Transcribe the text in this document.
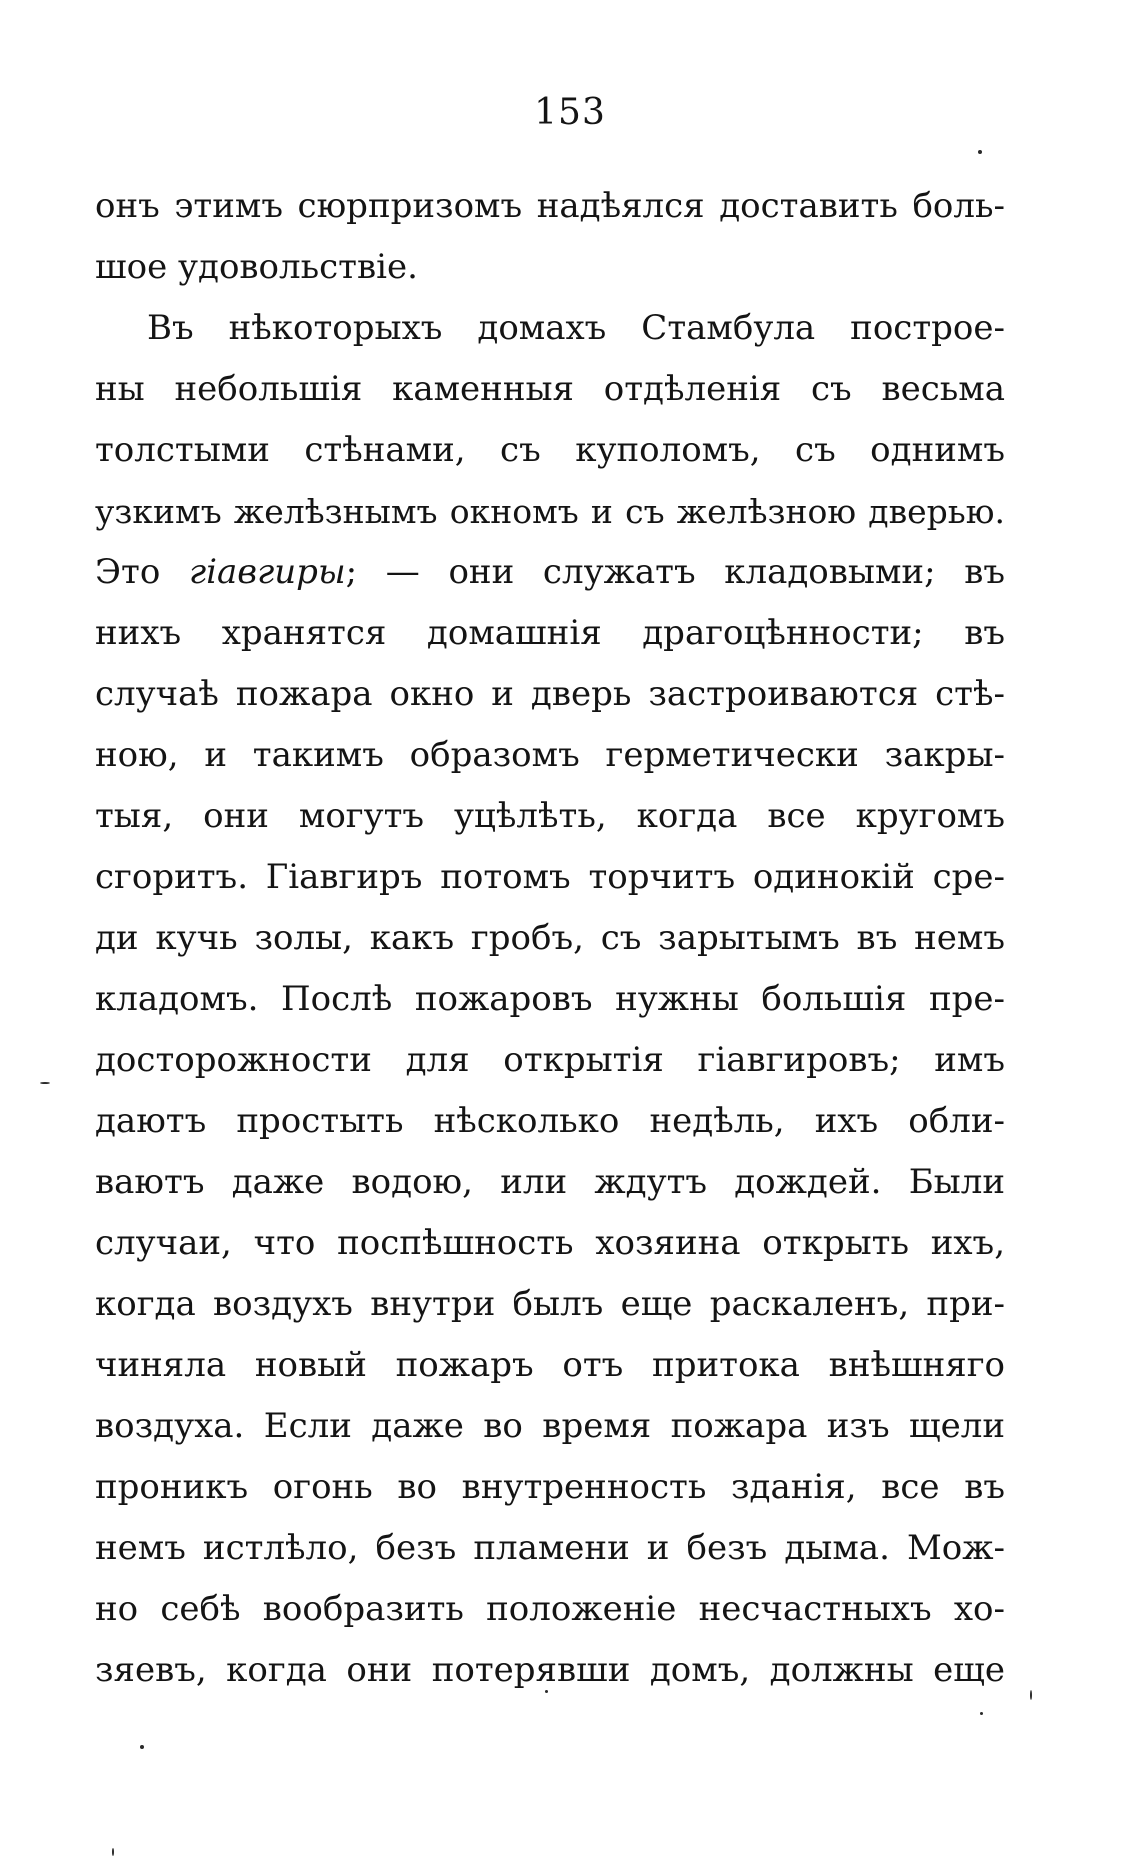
153
онъ этимъ сюрпризомъ надѣялся доставить боль-
шое удовольствіе.
Въ нѣкоторыхъ домахъ Стамбула построе-
ны небольшія каменныя отдѣленія съ весьма
толстыми стѣнами, съ куполомъ, съ однимъ
узкимъ желѣзнымъ окномъ и съ желѣзною дверью.
Это гіавгиры; — они служатъ кладовыми; въ
нихъ хранятся домашнія драгоцѣнности; въ
случаѣ пожара окно и дверь застроиваются стѣ-
ною, и такимъ образомъ герметически закры-
тыя, они могутъ уцѣлѣть, когда все кругомъ
сгоритъ. Гіавгиръ потомъ торчитъ одинокій сре-
ди кучь золы, какъ гробъ, съ зарытымъ въ немъ
кладомъ. Послѣ пожаровъ нужны большія пре-
досторожности для открытія гіавгировъ; имъ
даютъ простыть нѣсколько недѣль, ихъ обли-
ваютъ даже водою, или ждутъ дождей. Были
случаи, что поспѣшность хозяина открыть ихъ,
когда воздухъ внутри былъ еще раскаленъ, при-
чиняла новый пожаръ отъ притока внѣшняго
воздуха. Если даже во время пожара изъ щели
проникъ огонь во внутренность зданія, все въ
немъ истлѣло, безъ пламени и безъ дыма. Мож-
но себѣ вообразить положеніе несчастныхъ хо-
зяевъ, когда они потерявши домъ, должны еще
